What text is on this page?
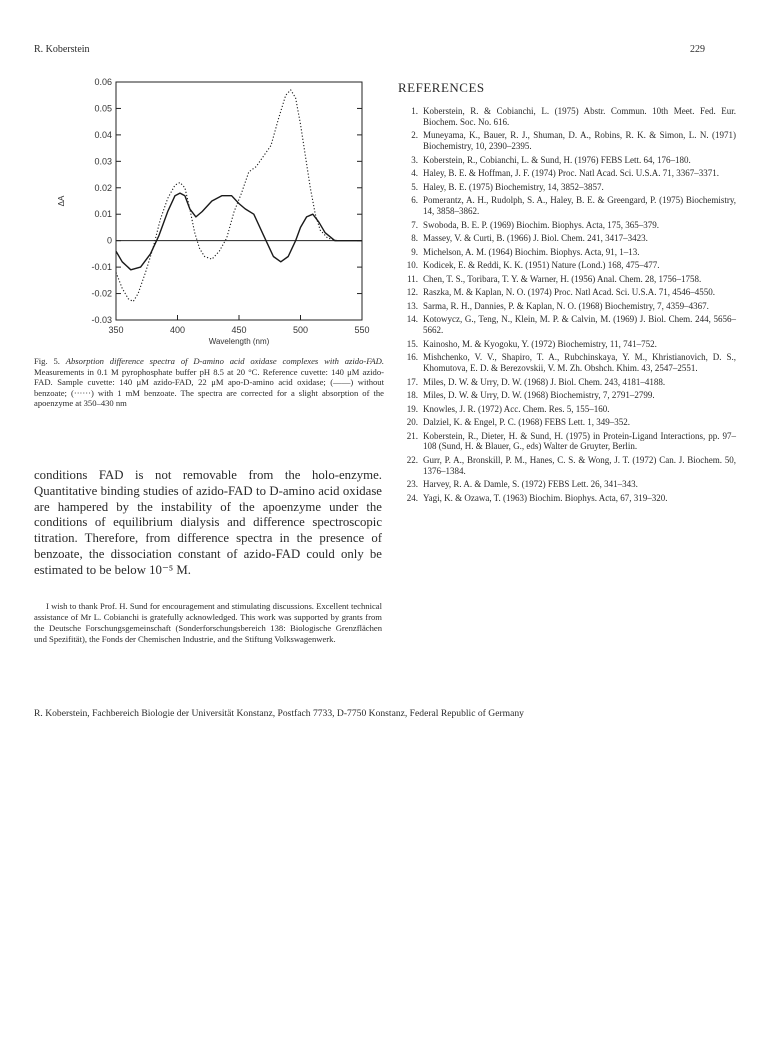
R. Koberstein	229
0.06
0.05
0.04
0.03
0.02
0.01
0
-0.01
-0.02
-0.03
350	400	450	500	550
Wavelength (nm)
ΔA
Fig. 5. Absorption difference spectra of D-amino acid oxidase complexes with azido-FAD. Measurements in 0.1 M pyrophosphate buffer pH 8.5 at 20 °C. Reference cuvette: 140 μM azido-FAD. Sample cuvette: 140 μM azido-FAD, 22 μM apo-D-amino acid oxidase; (——) without benzoate; (······) with 1 mM benzoate. The spectra are corrected for a slight absorption of the apoenzyme at 350–430 nm
conditions FAD is not removable from the holo-enzyme. Quantitative binding studies of azido-FAD to D-amino acid oxidase are hampered by the instability of the apoenzyme under the conditions of equilibrium dialysis and difference spectroscopic titration. Therefore, from difference spectra in the presence of benzoate, the dissociation constant of azido-FAD could only be estimated to be below 10⁻⁵ M.
I wish to thank Prof. H. Sund for encouragement and stimulating discussions. Excellent technical assistance of Mr L. Cobianchi is gratefully acknowledged. This work was supported by grants from the Deutsche Forschungsgemeinschaft (Sonderforschungsbereich 138: Biologische Grenzflächen und Spezifität), the Fonds der Chemischen Industrie, and the Stiftung Volkswagenwerk.
REFERENCES
1. Koberstein, R. & Cobianchi, L. (1975) Abstr. Commun. 10th Meet. Fed. Eur. Biochem. Soc. No. 616.
2. Muneyama, K., Bauer, R. J., Shuman, D. A., Robins, R. K. & Simon, L. N. (1971) Biochemistry, 10, 2390–2395.
3. Koberstein, R., Cobianchi, L. & Sund, H. (1976) FEBS Lett. 64, 176–180.
4. Haley, B. E. & Hoffman, J. F. (1974) Proc. Natl Acad. Sci. U.S.A. 71, 3367–3371.
5. Haley, B. E. (1975) Biochemistry, 14, 3852–3857.
6. Pomerantz, A. H., Rudolph, S. A., Haley, B. E. & Greengard, P. (1975) Biochemistry, 14, 3858–3862.
7. Swoboda, B. E. P. (1969) Biochim. Biophys. Acta, 175, 365–379.
8. Massey, V. & Curti, B. (1966) J. Biol. Chem. 241, 3417–3423.
9. Michelson, A. M. (1964) Biochim. Biophys. Acta, 91, 1–13.
10. Kodicek, E. & Reddi, K. K. (1951) Nature (Lond.) 168, 475–477.
11. Chen, T. S., Toribara, T. Y. & Warner, H. (1956) Anal. Chem. 28, 1756–1758.
12. Raszka, M. & Kaplan, N. O. (1974) Proc. Natl Acad. Sci. U.S.A. 71, 4546–4550.
13. Sarma, R. H., Dannies, P. & Kaplan, N. O. (1968) Biochemistry, 7, 4359–4367.
14. Kotowycz, G., Teng, N., Klein, M. P. & Calvin, M. (1969) J. Biol. Chem. 244, 5656–5662.
15. Kainosho, M. & Kyogoku, Y. (1972) Biochemistry, 11, 741–752.
16. Mishchenko, V. V., Shapiro, T. A., Rubchinskaya, Y. M., Khristianovich, D. S., Khomutova, E. D. & Berezovskii, V. M. Zh. Obshch. Khim. 43, 2547–2551.
17. Miles, D. W. & Urry, D. W. (1968) J. Biol. Chem. 243, 4181–4188.
18. Miles, D. W. & Urry, D. W. (1968) Biochemistry, 7, 2791–2799.
19. Knowles, J. R. (1972) Acc. Chem. Res. 5, 155–160.
20. Dalziel, K. & Engel, P. C. (1968) FEBS Lett. 1, 349–352.
21. Koberstein, R., Dieter, H. & Sund, H. (1975) in Protein-Ligand Interactions, pp. 97–108 (Sund, H. & Blauer, G., eds) Walter de Gruyter, Berlin.
22. Gurr, P. A., Bronskill, P. M., Hanes, C. S. & Wong, J. T. (1972) Can. J. Biochem. 50, 1376–1384.
23. Harvey, R. A. & Damle, S. (1972) FEBS Lett. 26, 341–343.
24. Yagi, K. & Ozawa, T. (1963) Biochim. Biophys. Acta, 67, 319–320.
R. Koberstein, Fachbereich Biologie der Universität Konstanz, Postfach 7733, D-7750 Konstanz, Federal Republic of Germany
